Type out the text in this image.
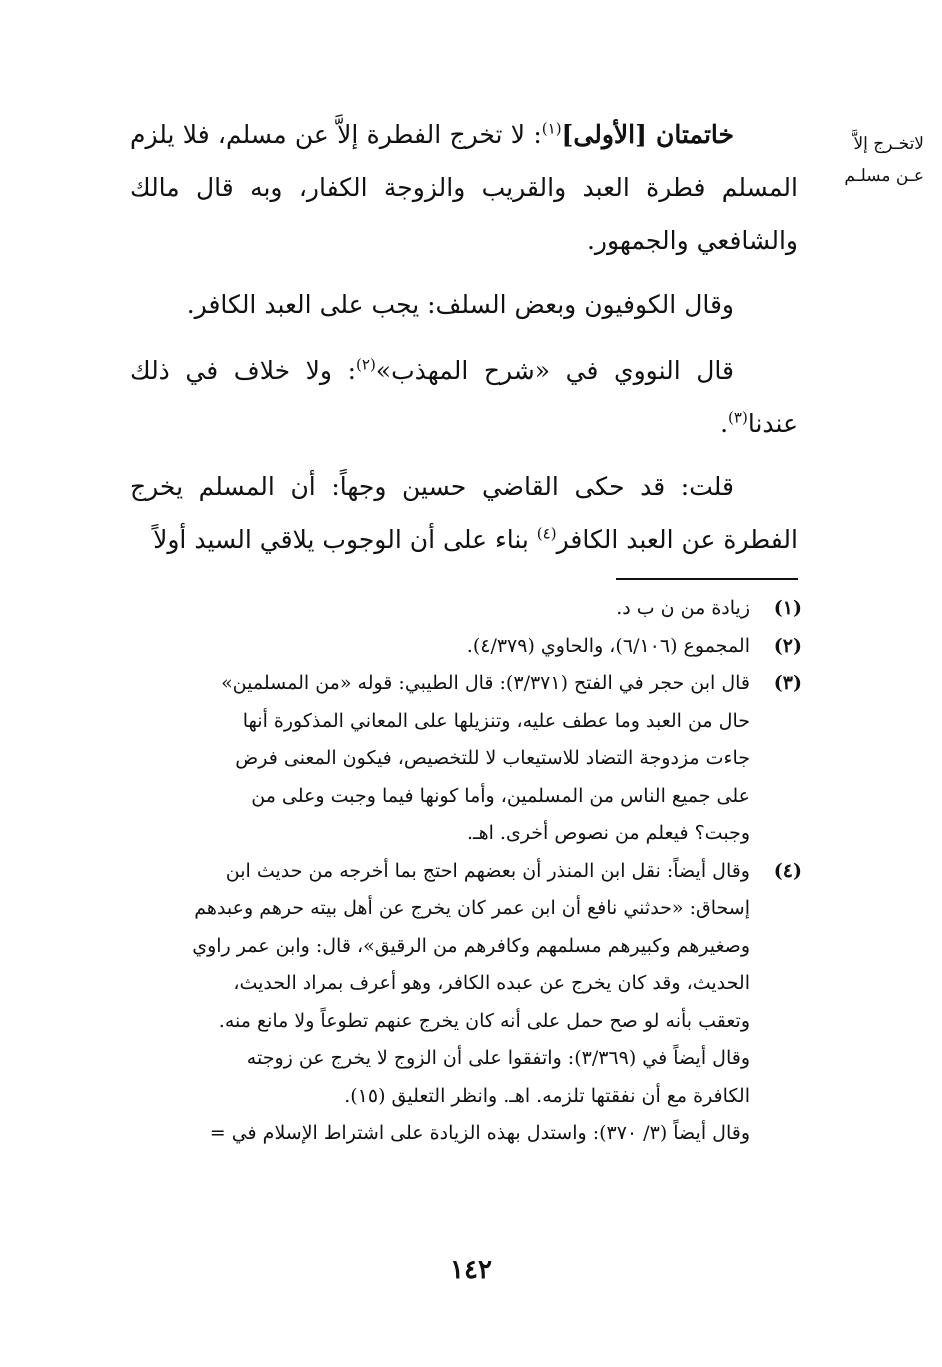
لاتخـرج إلاَّ
عـن مسلـم

خاتمتان [الأولى]$^{(١)}$: لا تخرج الفطرة إلاَّ عن مسلم، فلا يلزم المسلم فطرة العبد والقريب والزوجة الكفار، وبه قال مالك والشافعي والجمهور.

وقال الكوفيون وبعض السلف: يجب على العبد الكافر.

قال النووي في «شرح المهذب»$^{(٢)}$: ولا خلاف في ذلك عندنا$^{(٣)}$.

قلت: قد حكى القاضي حسين وجهاً: أن المسلم يخرج الفطرة عن العبد الكافر$^{(٤)}$ بناء على أن الوجوب يلاقي السيد أولاً

(١)
زيادة من ن ب د.
(٢)
المجموع (٦/١٠٦)، والحاوي (٤/٣٧٩).
(٣)
قال ابن حجر في الفتح (٣/٣٧١): قال الطيبي: قوله «من المسلمين»
حال من العبد وما عطف عليه، وتنزيلها على المعاني المذكورة أنها
جاءت مزدوجة التضاد للاستيعاب لا للتخصيص، فيكون المعنى فرض
على جميع الناس من المسلمين، وأما كونها فيما وجبت وعلى من
وجبت؟ فيعلم من نصوص أخرى. اهـ.
(٤)
وقال أيضاً: نقل ابن المنذر أن بعضهم احتج بما أخرجه من حديث ابن
إسحاق: «حدثني نافع أن ابن عمر كان يخرج عن أهل بيته حرهم وعبدهم
وصغيرهم وكبيرهم مسلمهم وكافرهم من الرقيق»، قال: وابن عمر راوي
الحديث، وقد كان يخرج عن عبده الكافر، وهو أعرف بمراد الحديث،
وتعقب بأنه لو صح حمل على أنه كان يخرج عنهم تطوعاً ولا مانع منه.
وقال أيضاً في (٣/٣٦٩): واتفقوا على أن الزوج لا يخرج عن زوجته
الكافرة مع أن نفقتها تلزمه. اهـ. وانظر التعليق (١٥).
وقال أيضاً (٣/ ٣٧٠): واستدل بهذه الزيادة على اشتراط الإسلام في =
١٤٢
